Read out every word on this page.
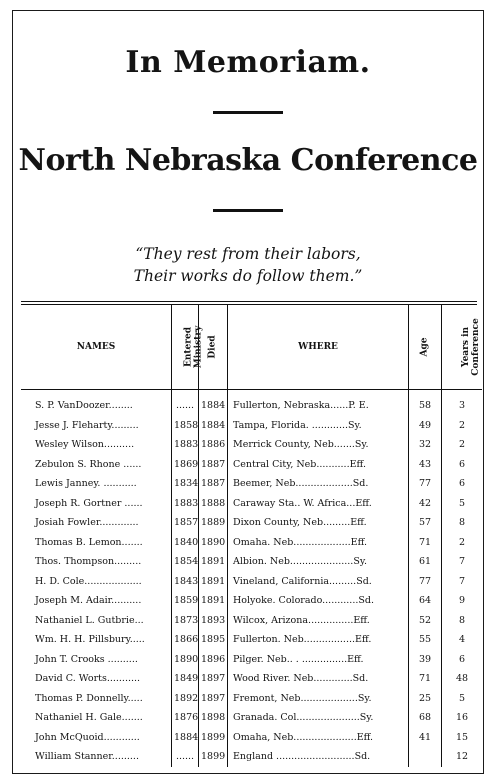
In Memoriam.
North Nebraska Conference
“They rest from their labors,
Their works do follow them.”
NAMES	Entered
Ministry	Died	WHERE	Age	Years in
Conference
S. P. VanDoozer........	......	1884	Fullerton, Nebraska......P. E.	58	3
Jesse J. Fleharty.........	1858	1884	Tampa, Florida. ............Sy.	49	2
Wesley Wilson..........	1883	1886	Merrick County, Neb.......Sy.	32	2
Zebulon S. Rhone ......	1869	1887	Central City, Neb...........Eff.	43	6
Lewis Janney. ...........	1834	1887	Beemer, Neb...................Sd.	77	6
Joseph R. Gortner ......	1883	1888	Caraway Sta.. W. Africa...Eff.	42	5
Josiah Fowler.............	1857	1889	Dixon County, Neb.........Eff.	57	8
Thomas B. Lemon.......	1840	1890	Omaha. Neb...................Eff.	71	2
Thos. Thompson.........	1854	1891	Albion. Neb.....................Sy.	61	7
H. D. Cole...................	1843	1891	Vineland, California.........Sd.	77	7
Joseph M. Adair..........	1859	1891	Holyoke. Colorado............Sd.	64	9
Nathaniel L. Gutbrie...	1873	1893	Wilcox, Arizona...............Eff.	52	8
Wm. H. H. Pillsbury.....	1866	1895	Fullerton. Neb.................Eff.	55	4
John T. Crooks ..........	1890	1896	Pilger. Neb.. . ...............Eff.	39	6
David C. Worts...........	1849	1897	Wood River. Neb.............Sd.	71	48
Thomas P. Donnelly.....	1892	1897	Fremont, Neb...................Sy.	25	5
Nathaniel H. Gale.......	1876	1898	Granada. Col.....................Sy.	68	16
John McQuoid............	1884	1899	Omaha, Neb.....................Eff.	41	15
William Stanner.........	......	1899	England ..........................Sd.		12
